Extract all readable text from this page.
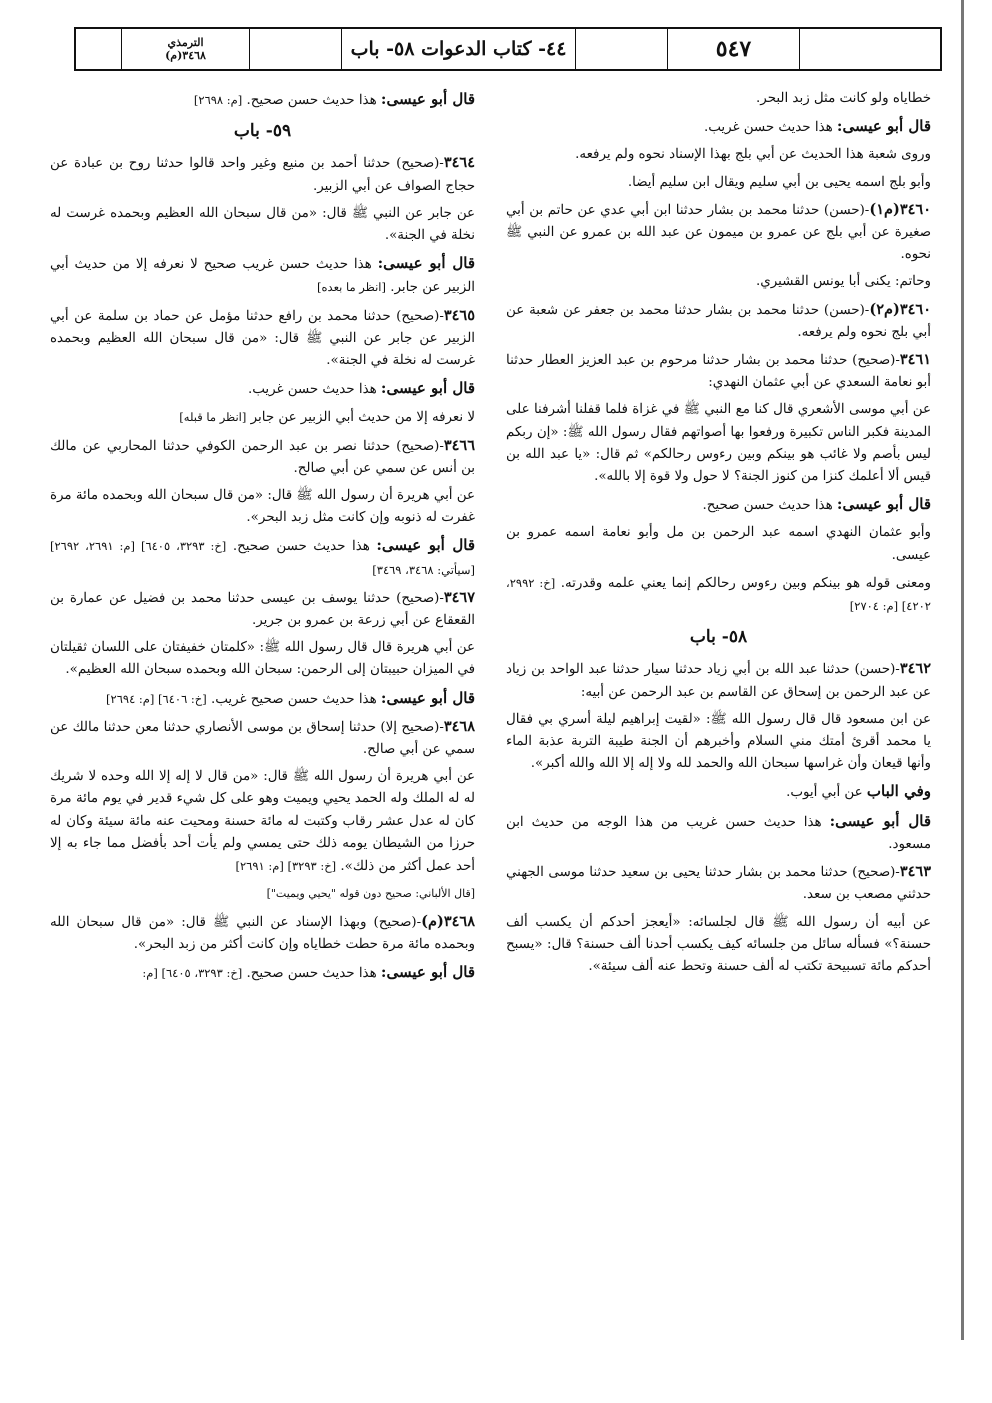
الترمذي
٣٤٦٨(م)	٤٤- كتاب الدعوات ٥٨- باب	٥٤٧

خطاياه ولو كانت مثل زبد البحر.

قال أبو عيسى: هذا حديث حسن غريب.

وروى شعبة هذا الحديث عن أبي بلج بهذا الإسناد نحوه ولم يرفعه.

وأبو بلج اسمه يحيى بن أبي سليم ويقال ابن سليم أيضا.

٣٤٦٠(م١)-(حسن) حدثنا محمد بن بشار حدثنا ابن أبي عدي عن حاتم بن أبي صغيرة عن أبي بلج عن عمرو بن ميمون عن عبد الله بن عمرو عن النبي ﷺ نحوه.

وحاتم: يكنى أبا يونس القشيري.

٣٤٦٠(م٢)-(حسن) حدثنا محمد بن بشار حدثنا محمد بن جعفر عن شعبة عن أبي بلج نحوه ولم يرفعه.

٣٤٦١-(صحيح) حدثنا محمد بن بشار حدثنا مرحوم بن عبد العزيز العطار حدثنا أبو نعامة السعدي عن أبي عثمان النهدي:

عن أبي موسى الأشعري قال كنا مع النبي ﷺ في غزاة فلما قفلنا أشرفنا على المدينة فكبر الناس تكبيرة ورفعوا بها أصواتهم فقال رسول الله ﷺ: «إن ربكم ليس بأصم ولا غائب هو بينكم وبين رءوس رحالكم» ثم قال: «يا عبد الله بن قيس ألا أعلمك كنزا من كنوز الجنة؟ لا حول ولا قوة إلا بالله».

قال أبو عيسى: هذا حديث حسن صحيح.

وأبو عثمان النهدي اسمه عبد الرحمن بن مل وأبو نعامة اسمه عمرو بن عيسى.

ومعنى قوله هو بينكم وبين رءوس رحالكم إنما يعني علمه وقدرته. [خ: ٢٩٩٢، ٤٢٠٢] [م: ٢٧٠٤]

٥٨- باب

٣٤٦٢-(حسن) حدثنا عبد الله بن أبي زياد حدثنا سيار حدثنا عبد الواحد بن زياد عن عبد الرحمن بن إسحاق عن القاسم بن عبد الرحمن عن أبيه:

عن ابن مسعود قال قال رسول الله ﷺ: «لقيت إبراهيم ليلة أسري بي فقال يا محمد أقرئ أمتك مني السلام وأخبرهم أن الجنة طيبة التربة عذبة الماء وأنها قيعان وأن غراسها سبحان الله والحمد لله ولا إله إلا الله والله أكبر».

وفي الباب عن أبي أيوب.

قال أبو عيسى: هذا حديث حسن غريب من هذا الوجه من حديث ابن مسعود.

٣٤٦٣-(صحيح) حدثنا محمد بن بشار حدثنا يحيى بن سعيد حدثنا موسى الجهني حدثني مصعب بن سعد.

عن أبيه أن رسول الله ﷺ قال لجلسائه: «أيعجز أحدكم أن يكسب ألف حسنة؟» فسأله سائل من جلسائه كيف يكسب أحدنا ألف حسنة؟ قال: «يسبح أحدكم مائة تسبيحة تكتب له ألف حسنة وتحط عنه ألف سيئة».

قال أبو عيسى: هذا حديث حسن صحيح. [م: ٢٦٩٨]

٥٩- باب

٣٤٦٤-(صحيح) حدثنا أحمد بن منيع وغير واحد قالوا حدثنا روح بن عبادة عن حجاج الصواف عن أبي الزبير.

عن جابر عن النبي ﷺ قال: «من قال سبحان الله العظيم وبحمده غرست له نخلة في الجنة».

قال أبو عيسى: هذا حديث حسن غريب صحيح لا نعرفه إلا من حديث أبي الزبير عن جابر. [انظر ما بعده]

٣٤٦٥-(صحيح) حدثنا محمد بن رافع حدثنا مؤمل عن حماد بن سلمة عن أبي الزبير عن جابر عن النبي ﷺ قال: «من قال سبحان الله العظيم وبحمده غرست له نخلة في الجنة».

قال أبو عيسى: هذا حديث حسن غريب.

لا نعرفه إلا من حديث أبي الزبير عن جابر [انظر ما قبله]

٣٤٦٦-(صحيح) حدثنا نصر بن عبد الرحمن الكوفي حدثنا المحاربي عن مالك بن أنس عن سمي عن أبي صالح.

عن أبي هريرة أن رسول الله ﷺ قال: «من قال سبحان الله وبحمده مائة مرة غفرت له ذنوبه وإن كانت مثل زبد البحر».

قال أبو عيسى: هذا حديث حسن صحيح. [خ: ٣٢٩٣، ٦٤٠٥] [م: ٢٦٩١، ٢٦٩٢] [سيأتي: ٣٤٦٨، ٣٤٦٩]

٣٤٦٧-(صحيح) حدثنا يوسف بن عيسى حدثنا محمد بن فضيل عن عمارة بن القعقاع عن أبي زرعة بن عمرو بن جرير.

عن أبي هريرة قال قال رسول الله ﷺ: «كلمتان خفيفتان على اللسان ثقيلتان في الميزان حبيبتان إلى الرحمن: سبحان الله وبحمده سبحان الله العظيم».

قال أبو عيسى: هذا حديث حسن صحيح غريب. [خ: ٦٤٠٦] [م: ٢٦٩٤]

٣٤٦٨-(صحيح إلا) حدثنا إسحاق بن موسى الأنصاري حدثنا معن حدثنا مالك عن سمي عن أبي صالح.

عن أبي هريرة أن رسول الله ﷺ قال: «من قال لا إله إلا الله وحده لا شريك له له الملك وله الحمد يحيي ويميت وهو على كل شيء قدير في يوم مائة مرة كان له عدل عشر رقاب وكتبت له مائة حسنة ومحيت عنه مائة سيئة وكان له حرزا من الشيطان يومه ذلك حتى يمسي ولم يأت أحد بأفضل مما جاء به إلا أحد عمل أكثر من ذلك». [خ: ٣٢٩٣] [م: ٢٦٩١]

[قال الألباني: صحيح دون قوله "يحيي ويميت"]

٣٤٦٨(م)-(صحيح) وبهذا الإسناد عن النبي ﷺ قال: «من قال سبحان الله وبحمده مائة مرة حطت خطاياه وإن كانت أكثر من زبد البحر».

قال أبو عيسى: هذا حديث حسن صحيح. [خ: ٣٢٩٣، ٦٤٠٥] [م:
